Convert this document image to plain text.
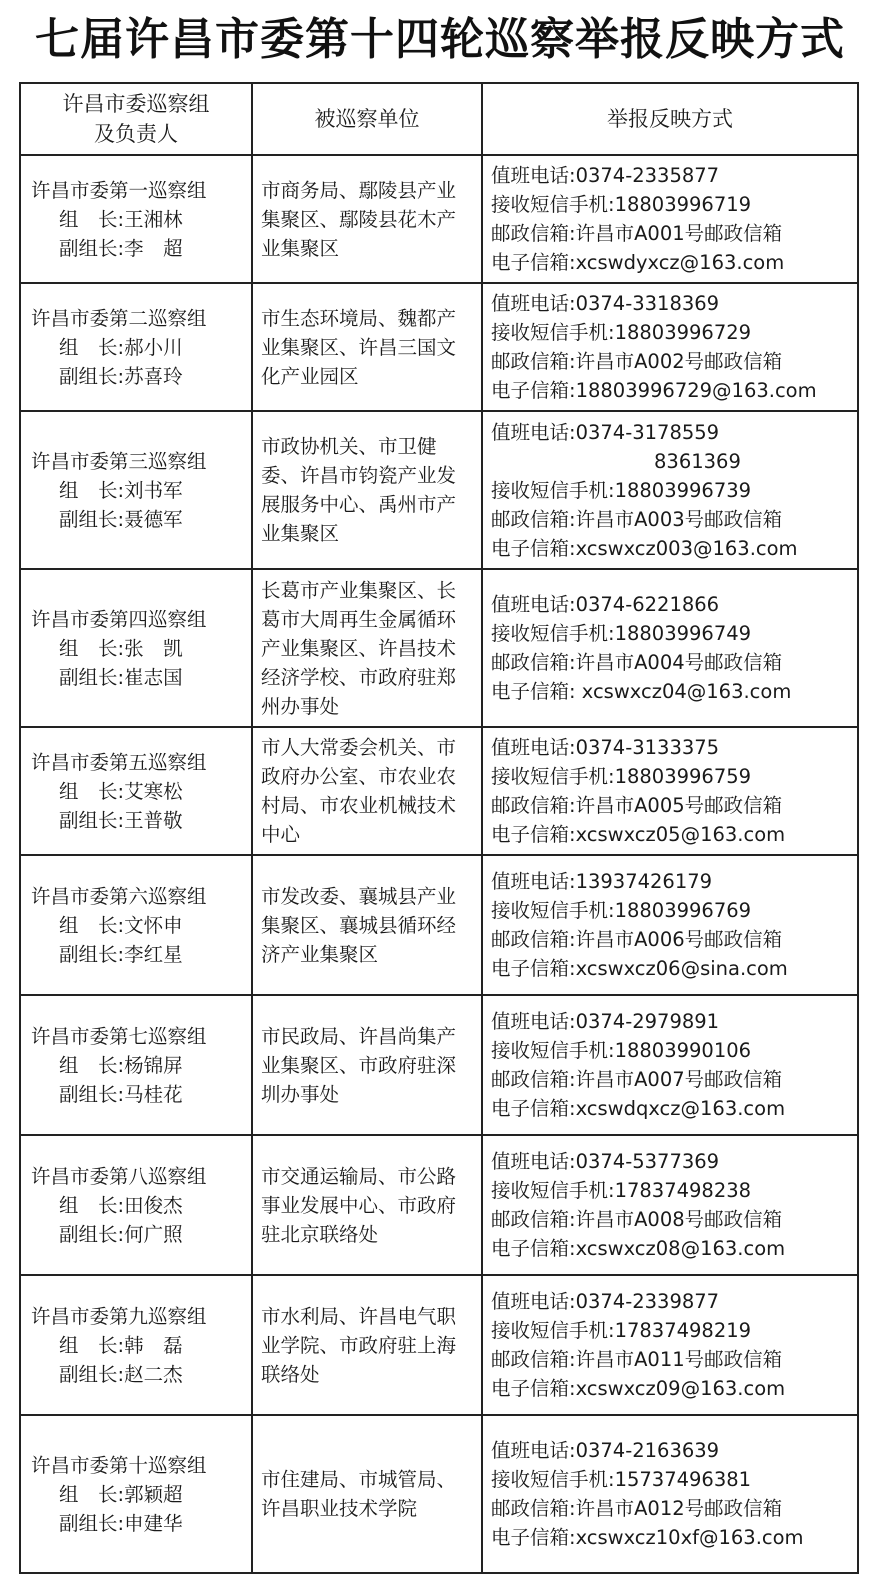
七届许昌市委第十四轮巡察举报反映方式
许昌市委巡察组
及负责人	被巡察单位	举报反映方式

许昌市委第一巡察组
组　长:王湘林
副组长:李　超	市商务局、鄢陵县产业集聚区、鄢陵县花木产业集聚区	值班电话:0374-2335877
接收短信手机:18803996719
邮政信箱:许昌市A001号邮政信箱
电子信箱:xcswdyxcz@163.com

许昌市委第二巡察组
组　长:郝小川
副组长:苏喜玲	市生态环境局、魏都产业集聚区、许昌三国文化产业园区	值班电话:0374-3318369
接收短信手机:18803996729
邮政信箱:许昌市A002号邮政信箱
电子信箱:18803996729@163.com

许昌市委第三巡察组
组　长:刘书军
副组长:聂德军	市政协机关、市卫健委、许昌市钧瓷产业发展服务中心、禹州市产业集聚区	值班电话:0374-3178559
8361369
接收短信手机:18803996739
邮政信箱:许昌市A003号邮政信箱
电子信箱:xcswxcz003@163.com

许昌市委第四巡察组
组　长:张　凯
副组长:崔志国	长葛市产业集聚区、长葛市大周再生金属循环产业集聚区、许昌技术经济学校、市政府驻郑州办事处	值班电话:0374-6221866
接收短信手机:18803996749
邮政信箱:许昌市A004号邮政信箱
电子信箱: xcswxcz04@163.com

许昌市委第五巡察组
组　长:艾寒松
副组长:王普敬	市人大常委会机关、市政府办公室、市农业农村局、市农业机械技术中心	值班电话:0374-3133375
接收短信手机:18803996759
邮政信箱:许昌市A005号邮政信箱
电子信箱:xcswxcz05@163.com

许昌市委第六巡察组
组　长:文怀申
副组长:李红星	市发改委、襄城县产业集聚区、襄城县循环经济产业集聚区	值班电话:13937426179
接收短信手机:18803996769
邮政信箱:许昌市A006号邮政信箱
电子信箱:xcswxcz06@sina.com

许昌市委第七巡察组
组　长:杨锦屏
副组长:马桂花	市民政局、许昌尚集产业集聚区、市政府驻深圳办事处	值班电话:0374-2979891
接收短信手机:18803990106
邮政信箱:许昌市A007号邮政信箱
电子信箱:xcswdqxcz@163.com

许昌市委第八巡察组
组　长:田俊杰
副组长:何广照	市交通运输局、市公路事业发展中心、市政府驻北京联络处	值班电话:0374-5377369
接收短信手机:17837498238
邮政信箱:许昌市A008号邮政信箱
电子信箱:xcswxcz08@163.com

许昌市委第九巡察组
组　长:韩　磊
副组长:赵二杰	市水利局、许昌电气职业学院、市政府驻上海联络处	值班电话:0374-2339877
接收短信手机:17837498219
邮政信箱:许昌市A011号邮政信箱
电子信箱:xcswxcz09@163.com

许昌市委第十巡察组
组　长:郭颖超
副组长:申建华	市住建局、市城管局、许昌职业技术学院	值班电话:0374-2163639
接收短信手机:15737496381
邮政信箱:许昌市A012号邮政信箱
电子信箱:xcswxcz10xf@163.com
